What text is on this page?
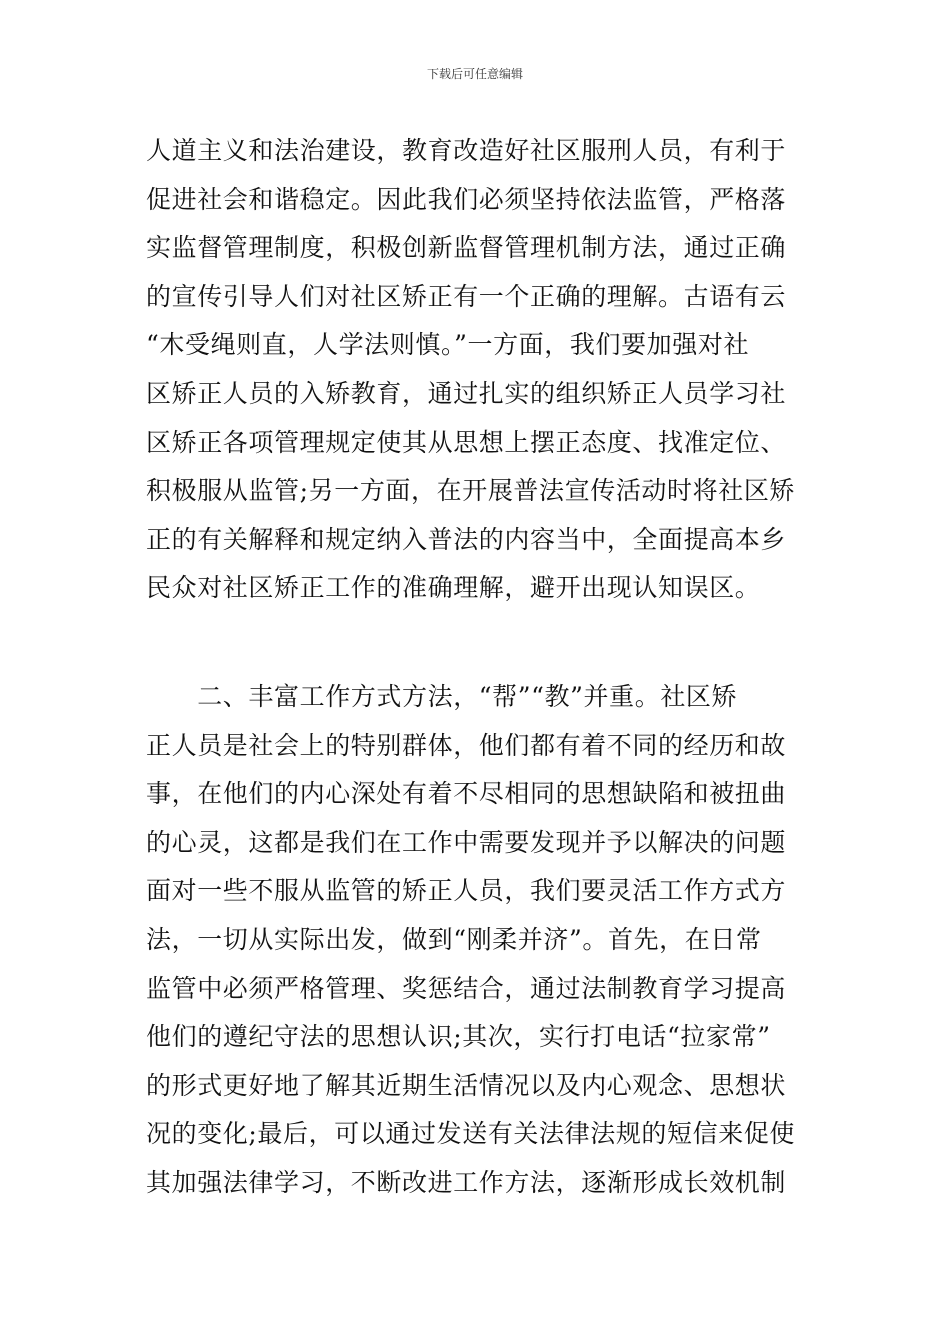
下载后可任意编辑
人道主义和法治建设，教育改造好社区服刑人员，有利于
促进社会和谐稳定。因此我们必须坚持依法监管，严格落
实监督管理制度，积极创新监督管理机制方法，通过正确
的宣传引导人们对社区矫正有一个正确的理解。古语有云
“木受绳则直，人学法则慎。”一方面，我们要加强对社
区矫正人员的入矫教育，通过扎实的组织矫正人员学习社
区矫正各项管理规定使其从思想上摆正态度、找准定位、
积极服从监管;另一方面，在开展普法宣传活动时将社区矫
正的有关解释和规定纳入普法的内容当中，全面提高本乡
民众对社区矫正工作的准确理解，避开出现认知误区。
　　二、丰富工作方式方法，“帮”“教”并重。社区矫
正人员是社会上的特别群体，他们都有着不同的经历和故
事，在他们的内心深处有着不尽相同的思想缺陷和被扭曲
的心灵，这都是我们在工作中需要发现并予以解决的问题
面对一些不服从监管的矫正人员，我们要灵活工作方式方
法，一切从实际出发，做到“刚柔并济”。首先，在日常
监管中必须严格管理、奖惩结合，通过法制教育学习提高
他们的遵纪守法的思想认识;其次，实行打电话“拉家常”
的形式更好地了解其近期生活情况以及内心观念、思想状
况的变化;最后，可以通过发送有关法律法规的短信来促使
其加强法律学习，不断改进工作方法，逐渐形成长效机制
